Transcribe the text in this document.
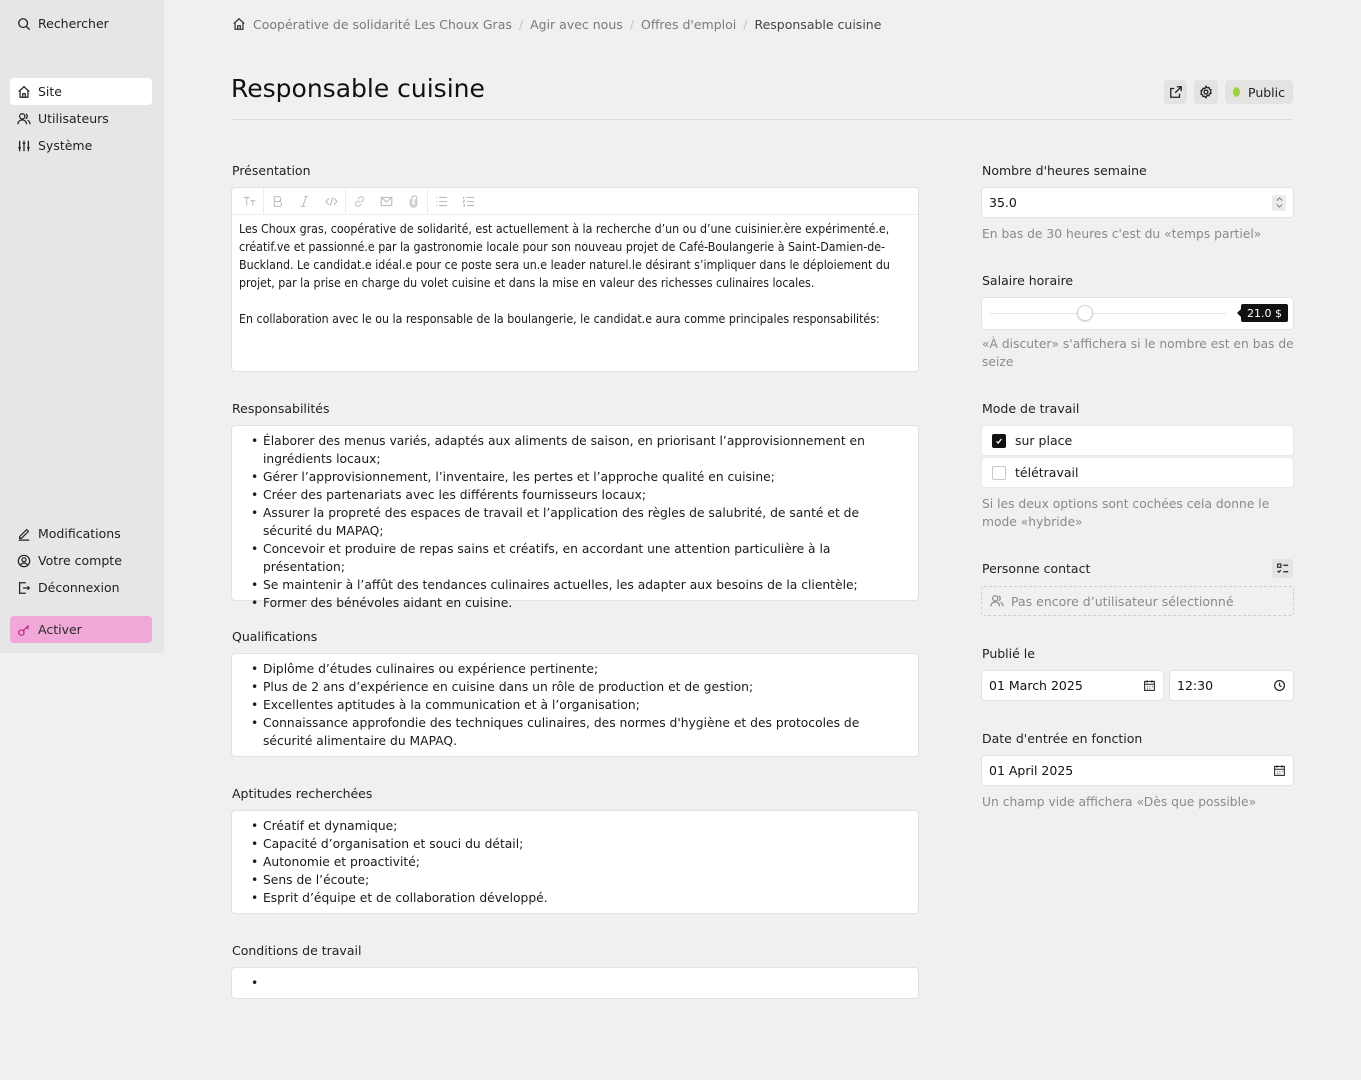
Rechercher
Site
Utilisateurs
Système
Modifications
Votre compte
Déconnexion
Activer
Coopérative de solidarité Les Choux Gras / Agir avec nous / Offres d'emploi / Responsable cuisine
Responsable cuisine	Public
Présentation

Les Choux gras, coopérative de solidarité, est actuellement à la recherche d’un ou d’une cuisinier.ère expérimenté.e, créatif.ve et passionné.e par la gastronomie locale pour son nouveau projet de Café-Boulangerie à Saint-Damien-de-Buckland. Le candidat.e idéal.e pour ce poste sera un.e leader naturel.le désirant s’impliquer dans le déploiement du projet, par la prise en charge du volet cuisine et dans la mise en valeur des richesses culinaires locales.

En collaboration avec le ou la responsable de la boulangerie, le candidat.e aura comme principales responsabilités:

Responsabilités
• Élaborer des menus variés, adaptés aux aliments de saison, en priorisant l’approvisionnement en ingrédients locaux;
• Gérer l’approvisionnement, l’inventaire, les pertes et l’approche qualité en cuisine;
• Créer des partenariats avec les différents fournisseurs locaux;
• Assurer la propreté des espaces de travail et l’application des règles de salubrité, de santé et de sécurité du MAPAQ;
• Concevoir et produire de repas sains et créatifs, en accordant une attention particulière à la présentation;
• Se maintenir à l’affût des tendances culinaires actuelles, les adapter aux besoins de la clientèle;
• Former des bénévoles aidant en cuisine.
Qualifications
• Diplôme d’études culinaires ou expérience pertinente;
• Plus de 2 ans d’expérience en cuisine dans un rôle de production et de gestion;
• Excellentes aptitudes à la communication et à l’organisation;
• Connaissance approfondie des techniques culinaires, des normes d'hygiène et des protocoles de sécurité alimentaire du MAPAQ.
Aptitudes recherchées
• Créatif et dynamique;
• Capacité d’organisation et souci du détail;
• Autonomie et proactivité;
• Sens de l’écoute;
• Esprit d’équipe et de collaboration développé.
Conditions de travail
Nombre d'heures semaine
35.0
En bas de 30 heures c'est du «temps partiel»
Salaire horaire
21.0 $
«À discuter» s'affichera si le nombre est en bas de seize
Mode de travail
sur place
télétravail
Si les deux options sont cochées cela donne le mode «hybride»
Personne contact
Pas encore d’utilisateur sélectionné
Publié le
01 March 2025	12:30
Date d'entrée en fonction
01 April 2025
Un champ vide affichera «Dès que possible»
